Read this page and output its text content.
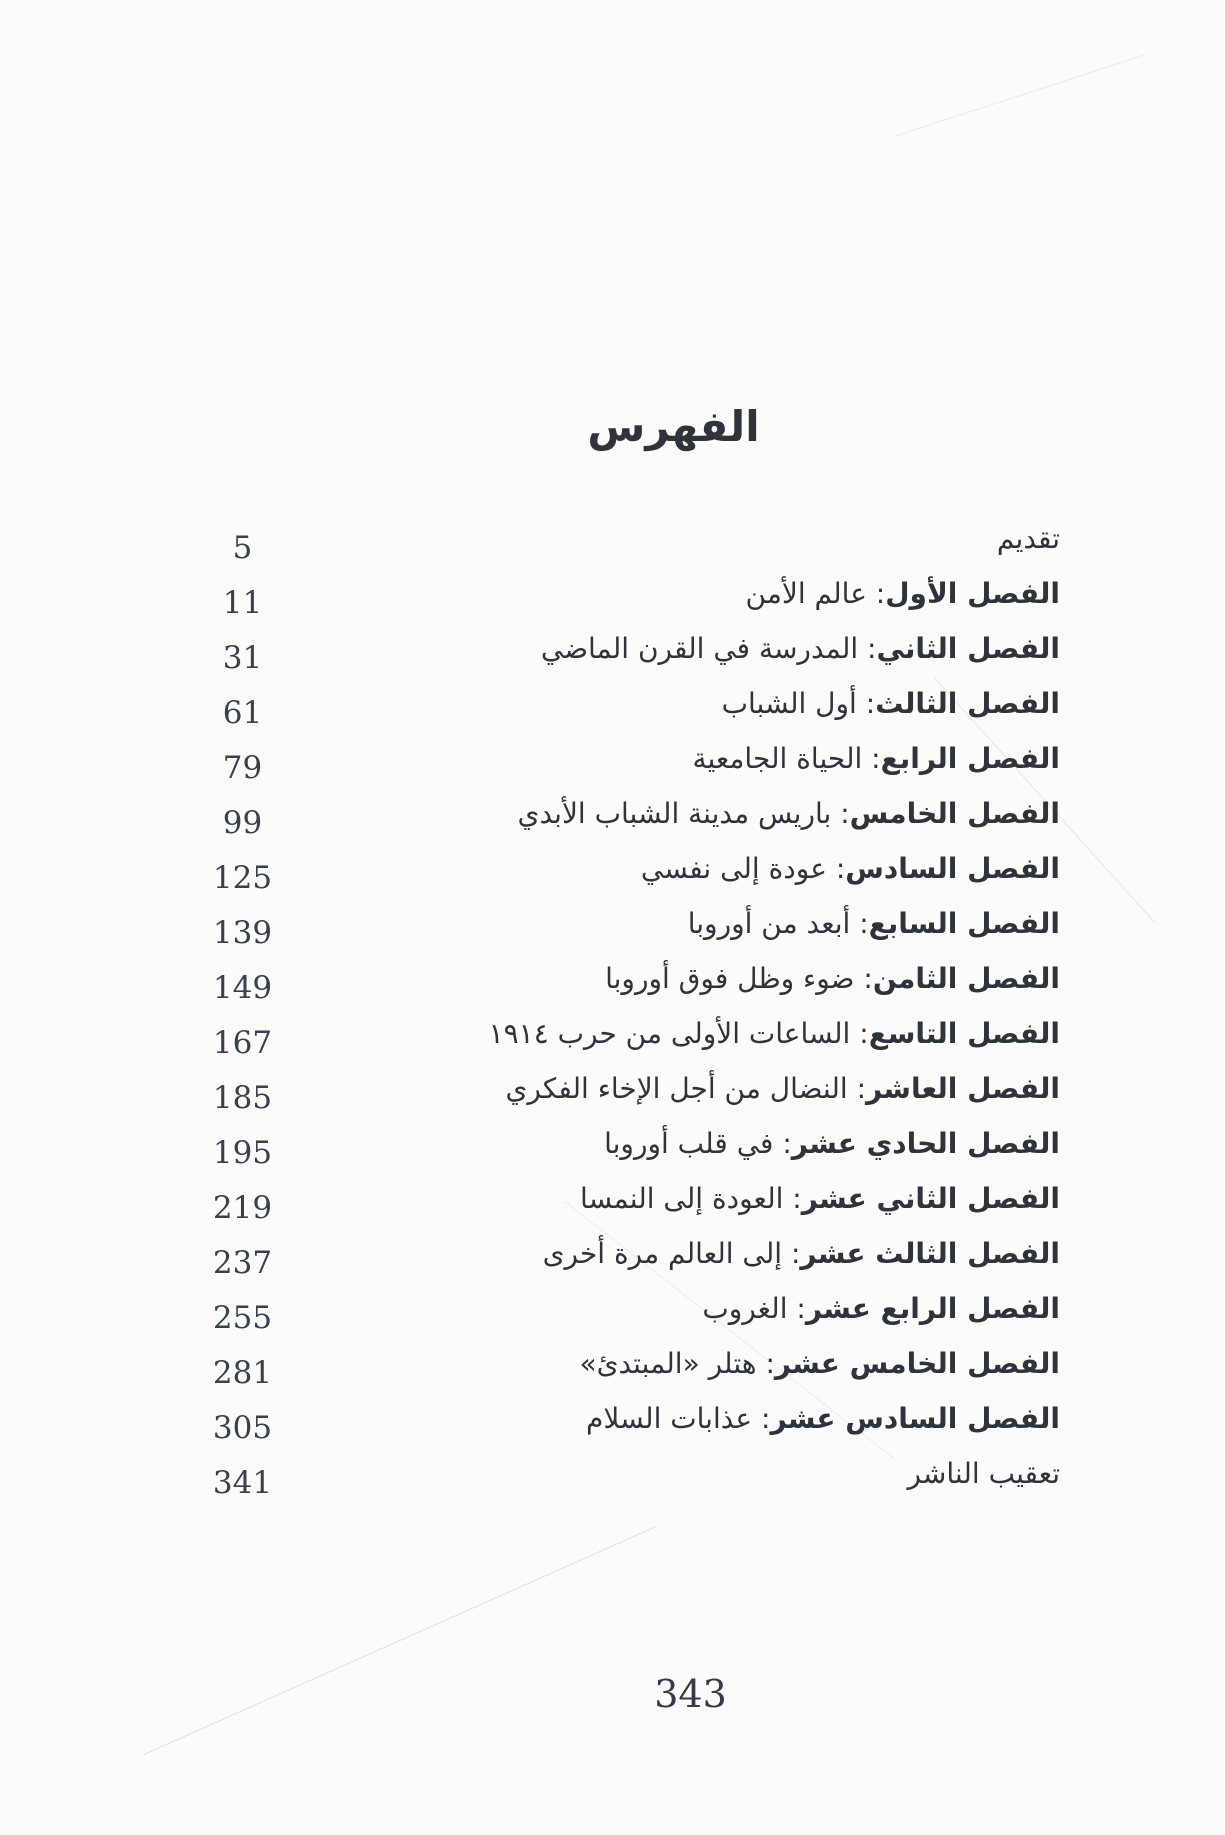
الفهرس
تقديم
5
الفصل الأول: عالم الأمن
11
الفصل الثاني: المدرسة في القرن الماضي
31
الفصل الثالث: أول الشباب
61
الفصل الرابع: الحياة الجامعية
79
الفصل الخامس: باريس مدينة الشباب الأبدي
99
الفصل السادس: عودة إلى نفسي
125
الفصل السابع: أبعد من أوروبا
139
الفصل الثامن: ضوء وظل فوق أوروبا
149
الفصل التاسع: الساعات الأولى من حرب ١٩١٤
167
الفصل العاشر: النضال من أجل الإخاء الفكري
185
الفصل الحادي عشر: في قلب أوروبا
195
الفصل الثاني عشر: العودة إلى النمسا
219
الفصل الثالث عشر: إلى العالم مرة أخرى
237
الفصل الرابع عشر: الغروب
255
الفصل الخامس عشر: هتلر «المبتدئ»
281
الفصل السادس عشر: عذابات السلام
305
تعقيب الناشر
341
343
